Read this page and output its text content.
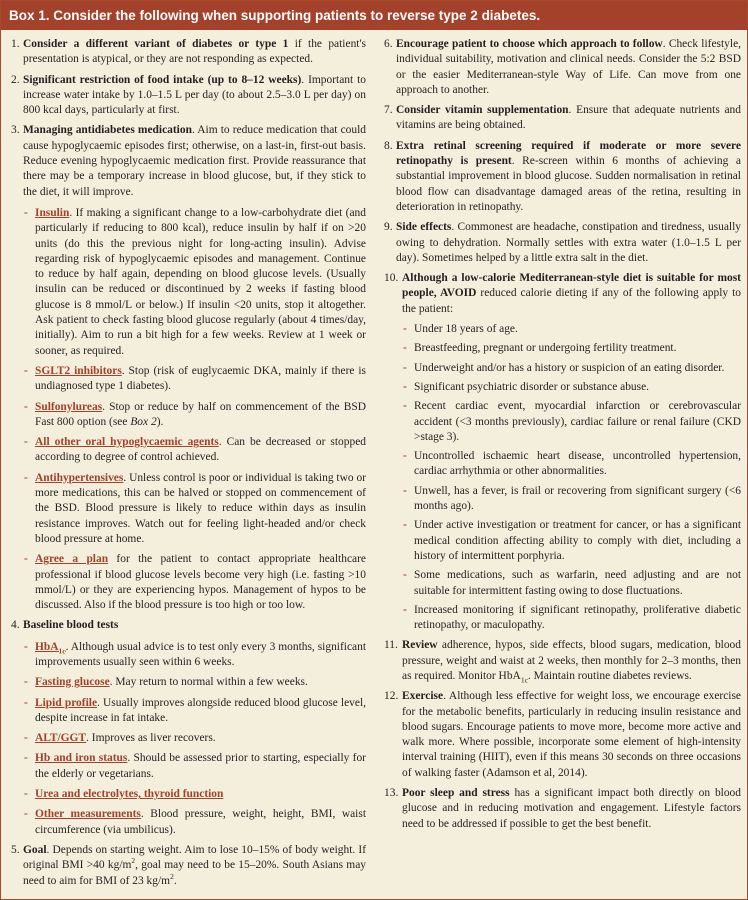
Box 1. Consider the following when supporting patients to reverse type 2 diabetes.
1. Consider a different variant of diabetes or type 1 if the patient's presentation is atypical, or they are not responding as expected.
2. Significant restriction of food intake (up to 8–12 weeks). Important to increase water intake by 1.0–1.5 L per day (to about 2.5–3.0 L per day) on 800 kcal days, particularly at first.
3. Managing antidiabetes medication. Aim to reduce medication that could cause hypoglycaemic episodes first; otherwise, on a last-in, first-out basis. Reduce evening hypoglycaemic medication first. Provide reassurance that there may be a temporary increase in blood glucose, but, if they stick to the diet, it will improve.
- Insulin. If making a significant change to a low-carbohydrate diet (and particularly if reducing to 800 kcal), reduce insulin by half if on >20 units (do this the previous night for long-acting insulin). Advise regarding risk of hypoglycaemic episodes and management. Continue to reduce by half again, depending on blood glucose levels. (Usually insulin can be reduced or discontinued by 2 weeks if fasting blood glucose is 8 mmol/L or below.) If insulin <20 units, stop it altogether. Ask patient to check fasting blood glucose regularly (about 4 times/day, initially). Aim to run a bit high for a few weeks. Review at 1 week or sooner, as required.
- SGLT2 inhibitors. Stop (risk of euglycaemic DKA, mainly if there is undiagnosed type 1 diabetes).
- Sulfonylureas. Stop or reduce by half on commencement of the BSD Fast 800 option (see Box 2).
- All other oral hypoglycaemic agents. Can be decreased or stopped according to degree of control achieved.
- Antihypertensives. Unless control is poor or individual is taking two or more medications, this can be halved or stopped on commencement of the BSD. Blood pressure is likely to reduce within days as insulin resistance improves. Watch out for feeling light-headed and/or check blood pressure at home.
- Agree a plan for the patient to contact appropriate healthcare professional if blood glucose levels become very high (i.e. fasting >10 mmol/L) or they are experiencing hypos. Management of hypos to be discussed. Also if the blood pressure is too high or too low.
4. Baseline blood tests
- HbA$_{1c}$. Although usual advice is to test only every 3 months, significant improvements usually seen within 6 weeks.
- Fasting glucose. May return to normal within a few weeks.
- Lipid profile. Usually improves alongside reduced blood glucose level, despite increase in fat intake.
- ALT/GGT. Improves as liver recovers.
- Hb and iron status. Should be assessed prior to starting, especially for the elderly or vegetarians.
- Urea and electrolytes, thyroid function
- Other measurements. Blood pressure, weight, height, BMI, waist circumference (via umbilicus).
5. Goal. Depends on starting weight. Aim to lose 10–15% of body weight. If original BMI >40 $kg/m^2$, goal may need to be 15–20%. South Asians may need to aim for BMI of 23 $kg/m^2$.
6. Encourage patient to choose which approach to follow. Check lifestyle, individual suitability, motivation and clinical needs. Consider the 5:2 BSD or the easier Mediterranean-style Way of Life. Can move from one approach to another.
7. Consider vitamin supplementation. Ensure that adequate nutrients and vitamins are being obtained.
8. Extra retinal screening required if moderate or more severe retinopathy is present. Re-screen within 6 months of achieving a substantial improvement in blood glucose. Sudden normalisation in retinal blood flow can disadvantage damaged areas of the retina, resulting in deterioration in retinopathy.
9. Side effects. Commonest are headache, constipation and tiredness, usually owing to dehydration. Normally settles with extra water (1.0–1.5 L per day). Sometimes helped by a little extra salt in the diet.
10. Although a low-calorie Mediterranean-style diet is suitable for most people, AVOID reduced calorie dieting if any of the following apply to the patient:
- Under 18 years of age.
- Breastfeeding, pregnant or undergoing fertility treatment.
- Underweight and/or has a history or suspicion of an eating disorder.
- Significant psychiatric disorder or substance abuse.
- Recent cardiac event, myocardial infarction or cerebrovascular accident (<3 months previously), cardiac failure or renal failure (CKD >stage 3).
- Uncontrolled ischaemic heart disease, uncontrolled hypertension, cardiac arrhythmia or other abnormalities.
- Unwell, has a fever, is frail or recovering from significant surgery (<6 months ago).
- Under active investigation or treatment for cancer, or has a significant medical condition affecting ability to comply with diet, including a history of intermittent porphyria.
- Some medications, such as warfarin, need adjusting and are not suitable for intermittent fasting owing to dose fluctuations.
- Increased monitoring if significant retinopathy, proliferative diabetic retinopathy, or maculopathy.
11. Review adherence, hypos, side effects, blood sugars, medication, blood pressure, weight and waist at 2 weeks, then monthly for 2–3 months, then as required. Monitor HbA$_{1c}$. Maintain routine diabetes reviews.
12. Exercise. Although less effective for weight loss, we encourage exercise for the metabolic benefits, particularly in reducing insulin resistance and blood sugars. Encourage patients to move more, become more active and walk more. Where possible, incorporate some element of high-intensity interval training (HIIT), even if this means 30 seconds on three occasions of walking faster (Adamson et al, 2014).
13. Poor sleep and stress has a significant impact both directly on blood glucose and in reducing motivation and engagement. Lifestyle factors need to be addressed if possible to get the best benefit.
